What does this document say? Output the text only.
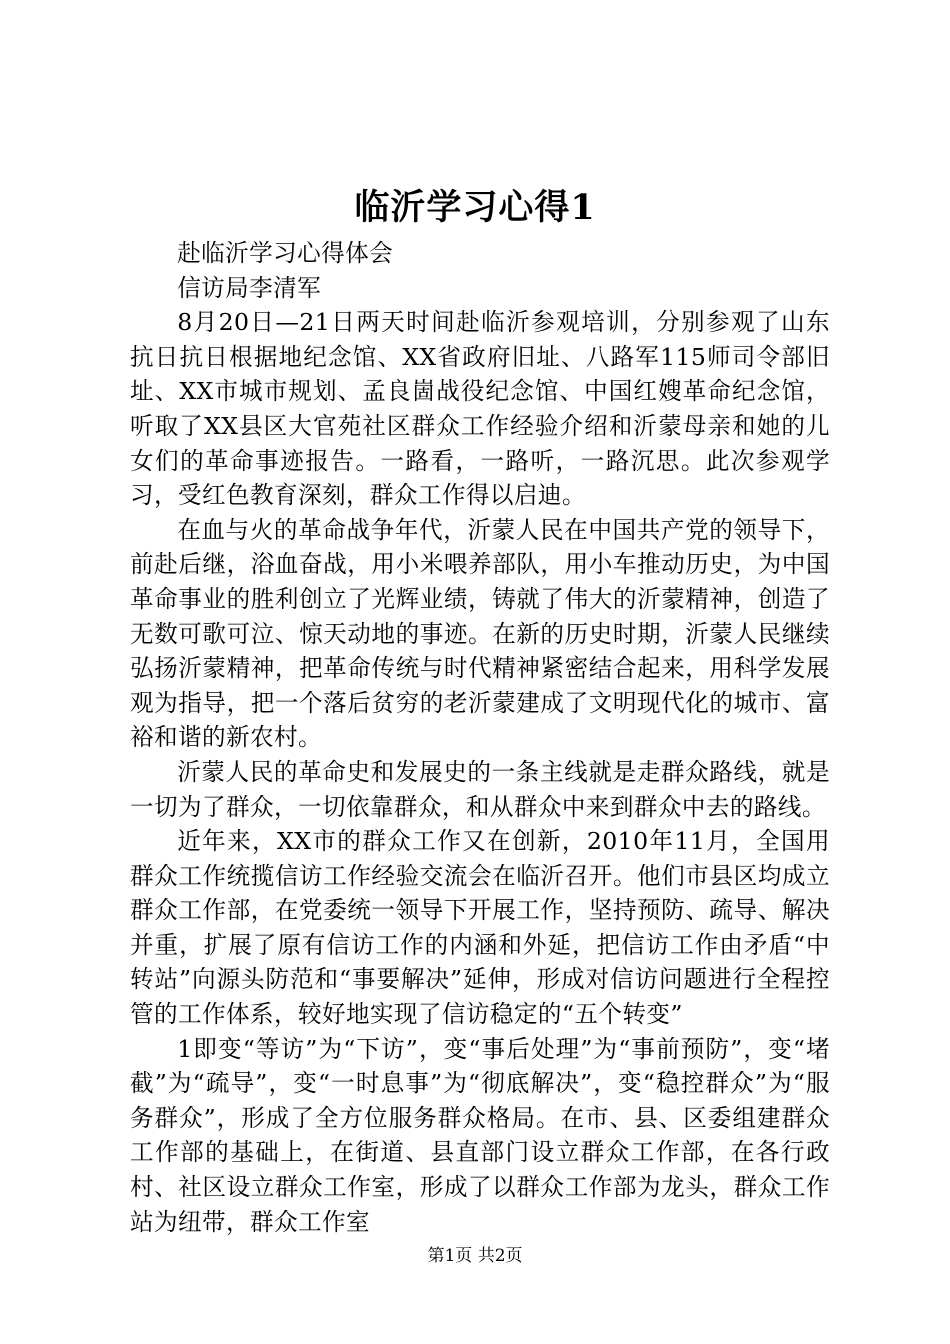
临沂学习心得1

赴临沂学习心得体会

信访局李清军

8月20日—21日两天时间赴临沂参观培训，分别参观了山东抗日抗日根据地纪念馆、XX省政府旧址、八路军115师司令部旧址、XX市城市规划、孟良崮战役纪念馆、中国红嫂革命纪念馆，听取了XX县区大官苑社区群众工作经验介绍和沂蒙母亲和她的儿女们的革命事迹报告。一路看，一路听，一路沉思。此次参观学习，受红色教育深刻，群众工作得以启迪。

在血与火的革命战争年代，沂蒙人民在中国共产党的领导下，前赴后继，浴血奋战，用小米喂养部队，用小车推动历史，为中国革命事业的胜利创立了光辉业绩，铸就了伟大的沂蒙精神，创造了无数可歌可泣、惊天动地的事迹。在新的历史时期，沂蒙人民继续弘扬沂蒙精神，把革命传统与时代精神紧密结合起来，用科学发展观为指导，把一个落后贫穷的老沂蒙建成了文明现代化的城市、富裕和谐的新农村。

沂蒙人民的革命史和发展史的一条主线就是走群众路线，就是一切为了群众，一切依靠群众，和从群众中来到群众中去的路线。

近年来，XX市的群众工作又在创新，2010年11月，全国用群众工作统揽信访工作经验交流会在临沂召开。他们市县区均成立群众工作部，在党委统一领导下开展工作，坚持预防、疏导、解决并重，扩展了原有信访工作的内涵和外延，把信访工作由矛盾“中转站”向源头防范和“事要解决”延伸，形成对信访问题进行全程控管的工作体系，较好地实现了信访稳定的“五个转变”

1即变“等访”为“下访”，变“事后处理”为“事前预防”，变“堵截”为“疏导”，变“一时息事”为“彻底解决”，变“稳控群众”为“服务群众”，形成了全方位服务群众格局。在市、县、区委组建群众工作部的基础上，在街道、县直部门设立群众工作部，在各行政村、社区设立群众工作室，形成了以群众工作部为龙头，群众工作站为纽带，群众工作室

第1页 共2页
